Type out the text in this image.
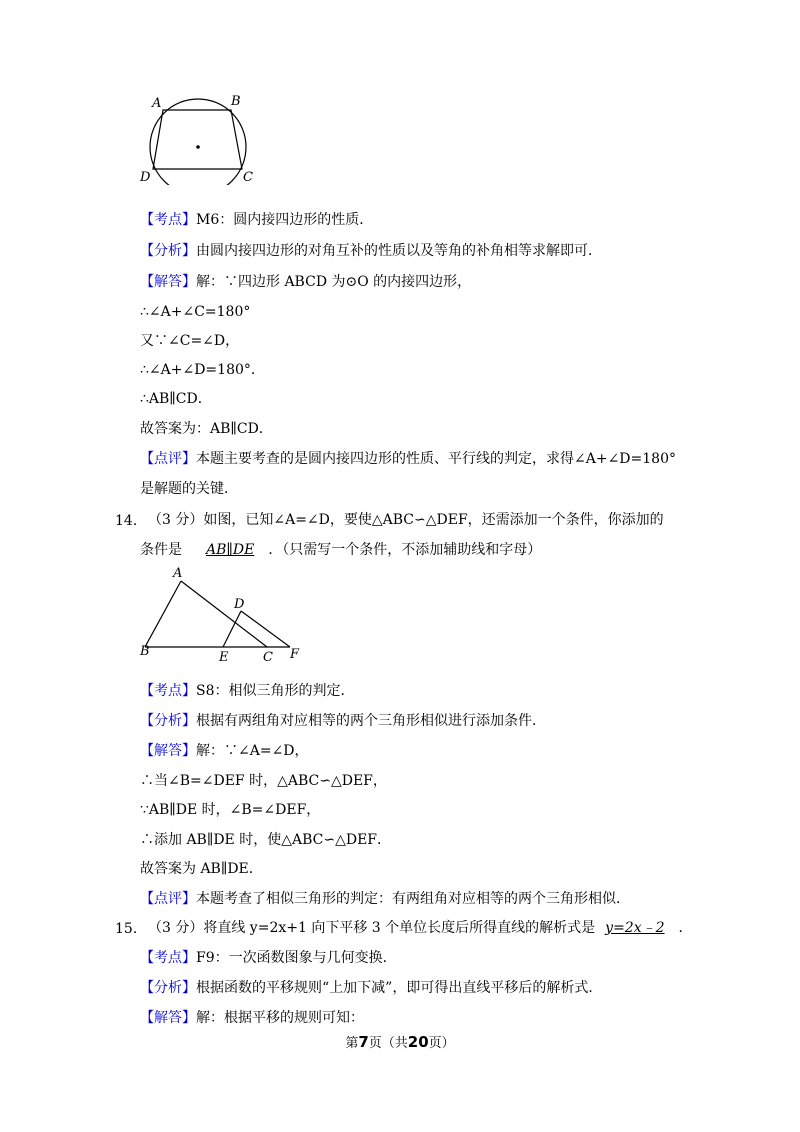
A	B
C
D
【考点】M6：圆内接四边形的性质．
【分析】由圆内接四边形的对角互补的性质以及等角的补角相等求解即可．
【解答】解：∵四边形 ABCD 为⊙O 的内接四边形，
∴∠A+∠C=180°
又∵∠C=∠D，
∴∠A+∠D=180°．
∴AB∥CD．
故答案为：AB∥CD．
【点评】本题主要考查的是圆内接四边形的性质、平行线的判定，求得∠A+∠D=180°
是解题的关键．
14． （3 分）如图，已知∠A=∠D，要使△ABC∽△DEF，还需添加一个条件，你添加的
条件是 AB∥DE ．（只需写一个条件，不添加辅助线和字母）
A
D
B	E	C F
【考点】S8：相似三角形的判定．
【分析】根据有两组角对应相等的两个三角形相似进行添加条件．
【解答】解：∵∠A=∠D，
∴当∠B=∠DEF 时，△ABC∽△DEF，
∵AB∥DE 时，∠B=∠DEF，
∴添加 AB∥DE 时，使△ABC∽△DEF．
故答案为 AB∥DE．
【点评】本题考查了相似三角形的判定：有两组角对应相等的两个三角形相似．
15． （3 分）将直线 y=2x+1 向下平移 3 个单位长度后所得直线的解析式是 y=2x﹣2 ．
【考点】F9：一次函数图象与几何变换．
【分析】根据函数的平移规则“上加下减”，即可得出直线平移后的解析式．
【解答】解：根据平移的规则可知：
第7页（共20页）
